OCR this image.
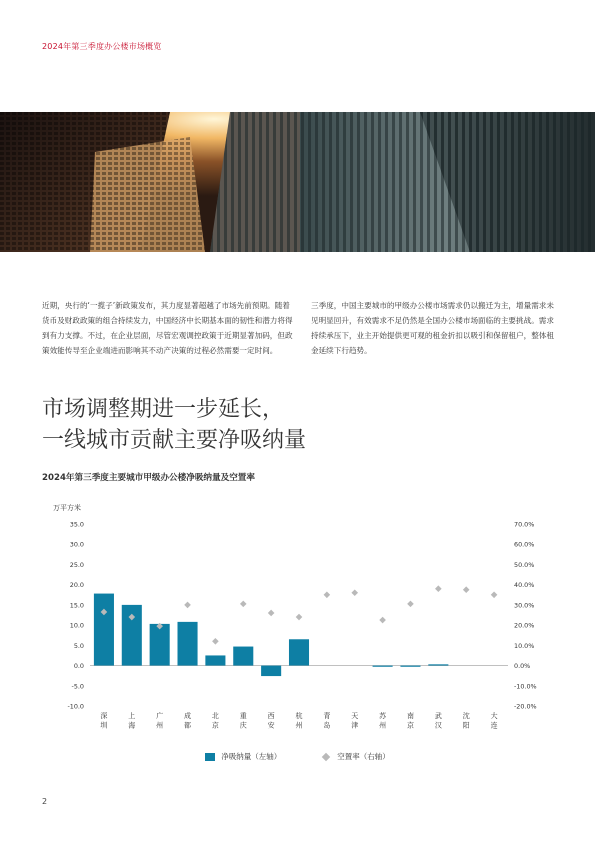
2024年第三季度办公楼市场概览

近期，央行的‘一揽子’新政策发布，其力度显著超越了市场先前预期。随着货币及财政政策的组合持续发力，中国经济中长期基本面的韧性和潜力将得到有力支撑。不过，在企业层面，尽管宏观调控政策于近期显著加码，但政策效能传导至企业端进而影响其不动产决策的过程必然需要一定时间。

三季度，中国主要城市的甲级办公楼市场需求仍以搬迁为主，增量需求未见明显回升，有效需求不足仍然是全国办公楼市场面临的主要挑战。需求持续承压下，业主开始提供更可观的租金折扣以吸引和保留租户，整体租金延续下行趋势。

市场调整期进一步延长，
一线城市贡献主要净吸纳量
2024年第三季度主要城市甲级办公楼净吸纳量及空置率
万平方米
-10.0
-5.0
0.0
5.0
10.0
15.0
20.0
25.0
30.0
35.0
-20.0%
-10.0%
0.0%
10.0%
20.0%
30.0%
40.0%
50.0%
60.0%
70.0%
深
圳
上
海
广
州
成
都
北
京
重
庆
西
安
杭
州
青
岛
天
津
苏
州
南
京
武
汉
沈
阳
大
连
净吸纳量（左轴）	空置率（右轴）
2
